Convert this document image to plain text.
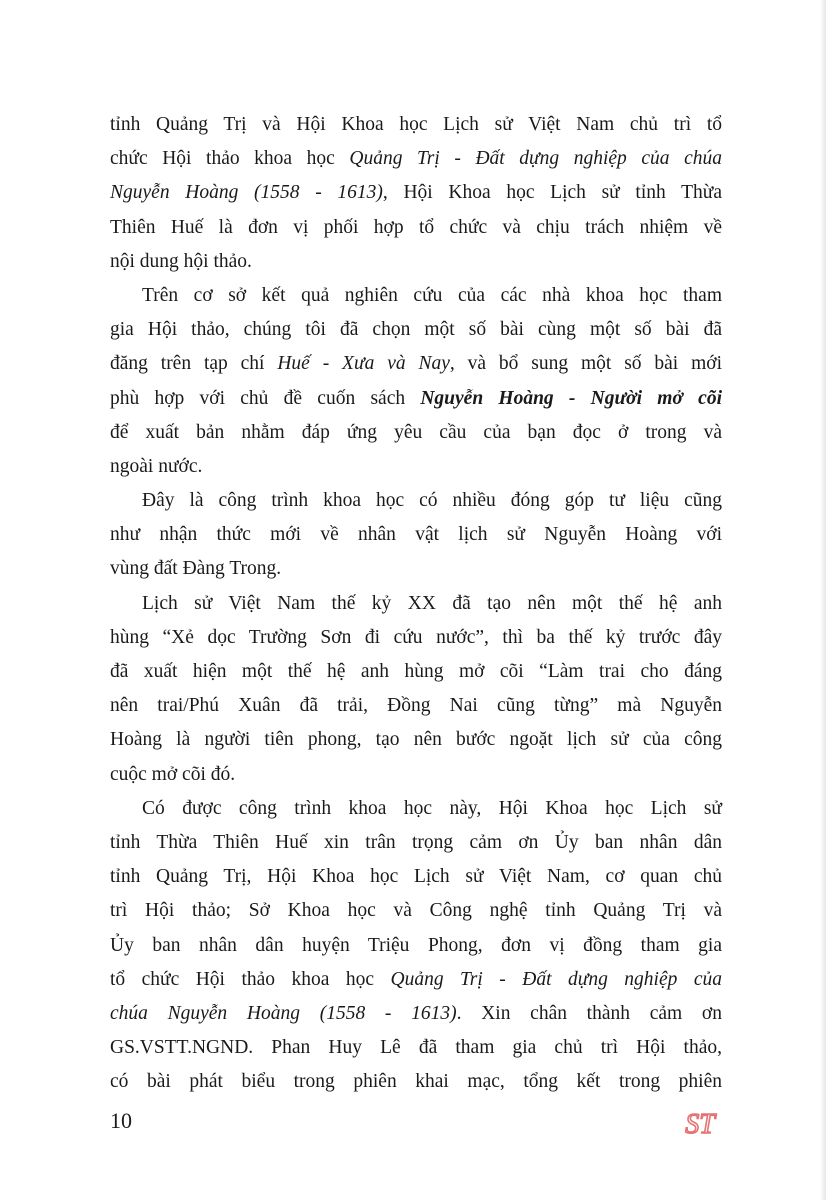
tỉnh Quảng Trị và Hội Khoa học Lịch sử Việt Nam chủ trì tổ
chức Hội thảo khoa học Quảng Trị - Đất dựng nghiệp của chúa
Nguyễn Hoàng (1558 - 1613), Hội Khoa học Lịch sử tỉnh Thừa
Thiên Huế là đơn vị phối hợp tổ chức và chịu trách nhiệm về
nội dung hội thảo.
Trên cơ sở kết quả nghiên cứu của các nhà khoa học tham
gia Hội thảo, chúng tôi đã chọn một số bài cùng một số bài đã
đăng trên tạp chí Huế - Xưa và Nay, và bổ sung một số bài mới
phù hợp với chủ đề cuốn sách Nguyễn Hoàng - Người mở cõi
để xuất bản nhằm đáp ứng yêu cầu của bạn đọc ở trong và
ngoài nước.
Đây là công trình khoa học có nhiều đóng góp tư liệu cũng
như nhận thức mới về nhân vật lịch sử Nguyễn Hoàng với
vùng đất Đàng Trong.
Lịch sử Việt Nam thế kỷ XX đã tạo nên một thế hệ anh
hùng “Xẻ dọc Trường Sơn đi cứu nước”, thì ba thế kỷ trước đây
đã xuất hiện một thế hệ anh hùng mở cõi “Làm trai cho đáng
nên trai/Phú Xuân đã trải, Đồng Nai cũng từng” mà Nguyễn
Hoàng là người tiên phong, tạo nên bước ngoặt lịch sử của công
cuộc mở cõi đó.
Có được công trình khoa học này, Hội Khoa học Lịch sử
tỉnh Thừa Thiên Huế xin trân trọng cảm ơn Ủy ban nhân dân
tỉnh Quảng Trị, Hội Khoa học Lịch sử Việt Nam, cơ quan chủ
trì Hội thảo; Sở Khoa học và Công nghệ tỉnh Quảng Trị và
Ủy ban nhân dân huyện Triệu Phong, đơn vị đồng tham gia
tổ chức Hội thảo khoa học Quảng Trị - Đất dựng nghiệp của
chúa Nguyễn Hoàng (1558 - 1613). Xin chân thành cảm ơn
GS.VSTT.NGND. Phan Huy Lê đã tham gia chủ trì Hội thảo,
có bài phát biểu trong phiên khai mạc, tổng kết trong phiên
10	ST
